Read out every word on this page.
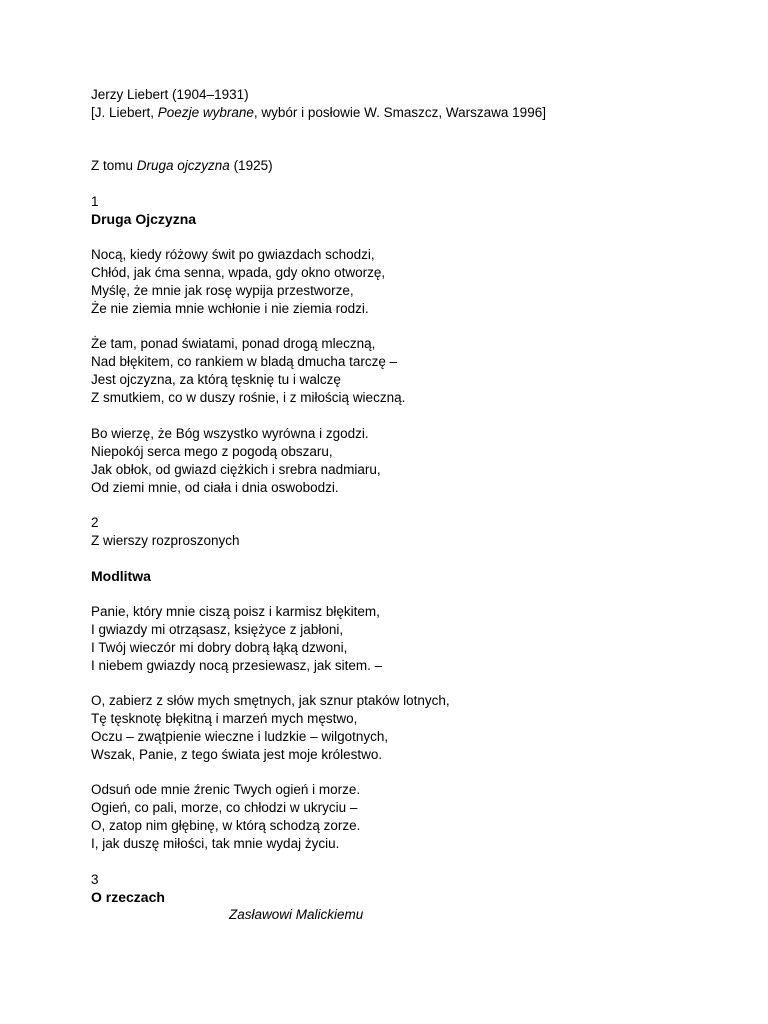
Jerzy Liebert (1904–1931)
[J. Liebert, Poezje wybrane, wybór i posłowie W. Smaszcz, Warszawa 1996]
Z tomu Druga ojczyzna (1925)
1
Druga Ojczyzna
Nocą, kiedy różowy świt po gwiazdach schodzi,
Chłód, jak ćma senna, wpada, gdy okno otworzę,
Myślę, że mnie jak rosę wypija przestworze,
Że nie ziemia mnie wchłonie i nie ziemia rodzi.
Że tam, ponad światami, ponad drogą mleczną,
Nad błękitem, co rankiem w bladą dmucha tarczę –
Jest ojczyzna, za którą tęsknię tu i walczę
Z smutkiem, co w duszy rośnie, i z miłością wieczną.
Bo wierzę, że Bóg wszystko wyrówna i zgodzi.
Niepokój serca mego z pogodą obszaru,
Jak obłok, od gwiazd ciężkich i srebra nadmiaru,
Od ziemi mnie, od ciała i dnia oswobodzi.
2
Z wierszy rozproszonych
Modlitwa
Panie, który mnie ciszą poisz i karmisz błękitem,
I gwiazdy mi otrząsasz, księżyce z jabłoni,
I Twój wieczór mi dobry dobrą łąką dzwoni,
I niebem gwiazdy nocą przesiewasz, jak sitem. –
O, zabierz z słów mych smętnych, jak sznur ptaków lotnych,
Tę tęsknotę błękitną i marzeń mych męstwo,
Oczu – zwątpienie wieczne i ludzkie – wilgotnych,
Wszak, Panie, z tego świata jest moje królestwo.
Odsuń ode mnie źrenic Twych ogień i morze.
Ogień, co pali, morze, co chłodzi w ukryciu –
O, zatop nim głębinę, w którą schodzą zorze.
I, jak duszę miłości, tak mnie wydaj życiu.
3
O rzeczach
Zasławowi Malickiemu
